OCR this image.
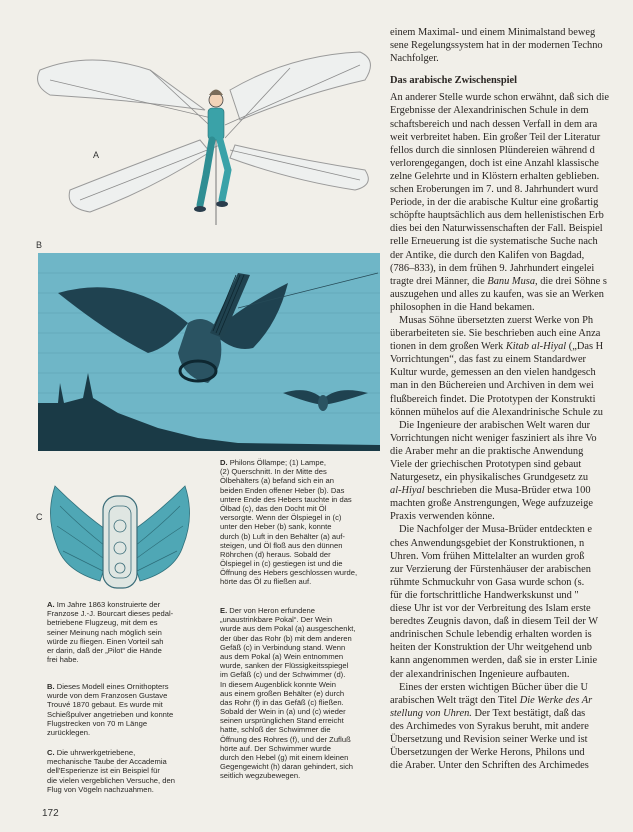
A
B
C
A. Im Jahre 1863 konstruierte der
Franzose J.-J. Bourcart dieses pedal-
betriebene Flugzeug, mit dem es
seiner Meinung nach möglich sein
würde zu fliegen. Einen Vorteil sah
er darin, daß der „Pilot“ die Hände
frei habe.
B. Dieses Modell eines Ornithopters
wurde von dem Franzosen Gustave
Trouvé 1870 gebaut. Es wurde mit
Schießpulver angetrieben und konnte
Flugstrecken von 70 m Länge
zurücklegen.
C. Die uhrwerkgetriebene,
mechanische Taube der Accademia
dell'Esperienze ist ein Beispiel für
die vielen vergeblichen Versuche, den
Flug von Vögeln nachzuahmen.
D. Philons Öllampe; (1) Lampe,
(2) Querschnitt. In der Mitte des
Ölbehälters (a) befand sich ein an
beiden Enden offener Heber (b). Das
untere Ende des Hebers tauchte in das
Ölbad (c), das den Docht mit Öl
versorgte. Wenn der Ölspiegel in (c)
unter den Heber (b) sank, konnte
durch (b) Luft in den Behälter (a) auf-
steigen, und Öl floß aus den dünnen
Röhrchen (d) heraus. Sobald der
Ölspiegel in (c) gestiegen ist und die
Öffnung des Hebers geschlossen wurde,
hörte das Öl zu fließen auf.
E. Der von Heron erfundene
„unaustrinkbare Pokal“. Der Wein
wurde aus dem Pokal (a) ausgeschenkt,
der über das Rohr (b) mit dem anderen
Gefäß (c) in Verbindung stand. Wenn
aus dem Pokal (a) Wein entnommen
wurde, sanken der Flüssigkeitsspiegel
im Gefäß (c) und der Schwimmer (d).
In diesem Augenblick konnte Wein
aus einem großen Behälter (e) durch
das Rohr (f) in das Gefäß (c) fließen.
Sobald der Wein in (a) und (c) wieder
seinen ursprünglichen Stand erreicht
hatte, schloß der Schwimmer die
Öffnung des Rohres (f), und der Zufluß
hörte auf. Der Schwimmer wurde
durch den Hebel (g) mit einem kleinen
Gegengewicht (h) daran gehindert, sich
seitlich wegzubewegen.
einem Maximal- und einem Minimalstand beweg
sene Regelungssystem hat in der modernen Techno
Nachfolger.
Das arabische Zwischenspiel
An anderer Stelle wurde schon erwähnt, daß sich die
Ergebnisse der Alexandrinischen Schule in dem
schaftsbereich und nach dessen Verfall in dem ara
weit verbreitet haben. Ein großer Teil der Literatur
fellos durch die sinnlosen Plündereien während d
verlorengegangen, doch ist eine Anzahl klassische
zelne Gelehrte und in Klöstern erhalten geblieben.
schen Eroberungen im 7. und 8. Jahrhundert wurd
Periode, in der die arabische Kultur eine großartig
schöpfte hauptsächlich aus dem hellenistischen Erb
dies bei den Naturwissenschaften der Fall. Beispiel
relle Erneuerung ist die systematische Suche nach
der Antike, die durch den Kalifen von Bagdad,
(786–833), in dem frühen 9. Jahrhundert eingelei
tragte drei Männer, die Banu Musa, die drei Söhne s
auszugehen und alles zu kaufen, was sie an Werken
philosophen in die Hand bekamen.
Musas Söhne übersetzten zuerst Werke von Ph
überarbeiteten sie. Sie beschrieben auch eine Anza
tionen in dem großen Werk Kitab al-Hiyal („Das H
Vorrichtungen“, das fast zu einem Standardwer
Kultur wurde, gemessen an den vielen handgesch
man in den Büchereien und Archiven in dem wei
flußbereich findet. Die Prototypen der Konstrukti
können mühelos auf die Alexandrinische Schule zu
Die Ingenieure der arabischen Welt waren dur
Vorrichtungen nicht weniger fasziniert als ihre Vo
die Araber mehr an die praktische Anwendung
Viele der griechischen Prototypen sind gebaut
Naturgesetz, ein physikalisches Grundgesetz zu
al-Hiyal beschrieben die Musa-Brüder etwa 100
machten große Anstrengungen, Wege aufzuzeige
Praxis verwenden könne.
Die Nachfolger der Musa-Brüder entdeckten e
ches Anwendungsgebiet der Konstruktionen, n
Uhren. Vom frühen Mittelalter an wurden groß
zur Verzierung der Fürstenhäuser der arabischen
rühmte Schmuckuhr von Gasa wurde schon (s.
für die fortschrittliche Handwerkskunst und "
diese Uhr ist vor der Verbreitung des Islam erste
beredtes Zeugnis davon, daß in diesem Teil der W
andrinischen Schule lebendig erhalten worden is
heiten der Konstruktion der Uhr weitgehend unb
kann angenommen werden, daß sie in erster Linie
der alexandrinischen Ingenieure aufbauten.
Eines der ersten wichtigen Bücher über die U
arabischen Welt trägt den Titel Die Werke des Ar
stellung von Uhren. Der Text bestätigt, daß das
des Archimedes von Syrakus beruht, mit andere
Übersetzung und Revision seiner Werke und ist
Übersetzungen der Werke Herons, Philons und
die Araber. Unter den Schriften des Archimedes
172
